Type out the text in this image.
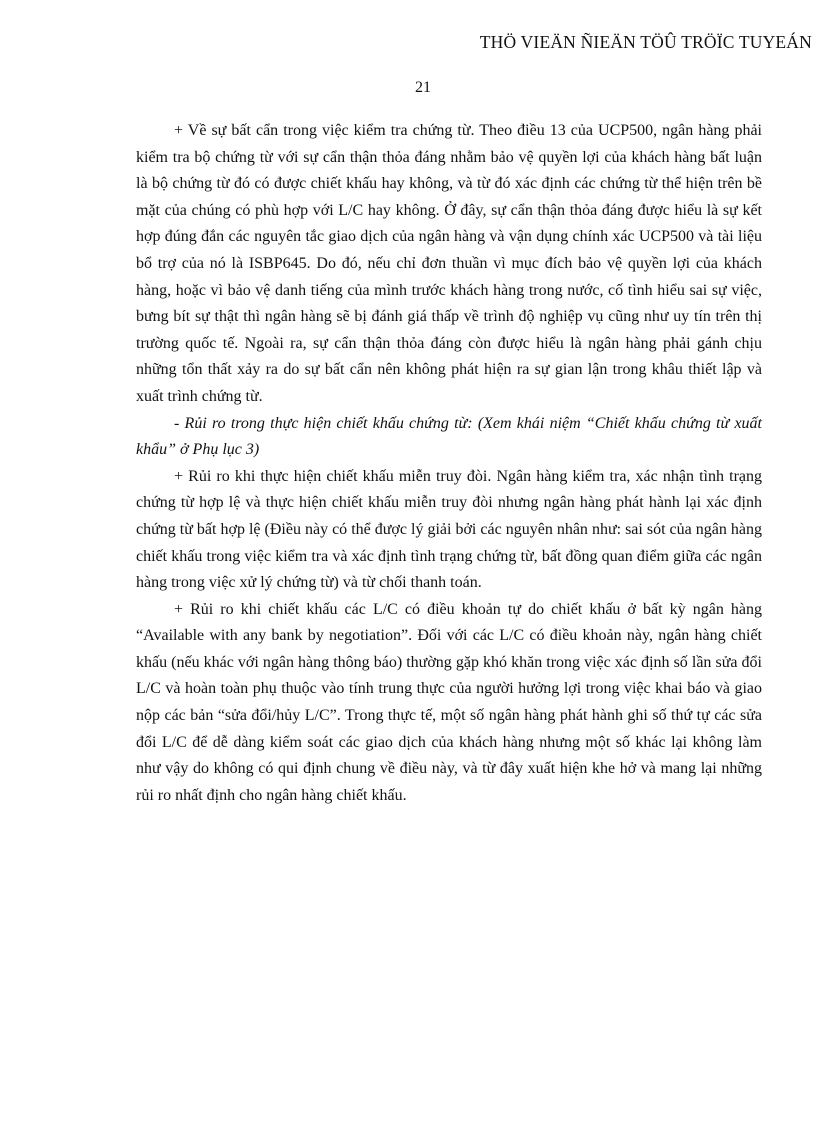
THÖ VIEÄN ÑIEÄN TÖÛ TRÖÏC TUYEÁN
21

+ Về sự bất cẩn trong việc kiểm tra chứng từ. Theo điều 13 của UCP500, ngân hàng phải kiểm tra bộ chứng từ với sự cẩn thận thỏa đáng nhằm bảo vệ quyền lợi của khách hàng bất luận là bộ chứng từ đó có được chiết khấu hay không, và từ đó xác định các chứng từ thể hiện trên bề mặt của chúng có phù hợp với L/C hay không. Ở đây, sự cẩn thận thỏa đáng được hiểu là sự kết hợp đúng đắn các nguyên tắc giao dịch của ngân hàng và vận dụng chính xác UCP500 và tài liệu bổ trợ của nó là ISBP645. Do đó, nếu chỉ đơn thuần vì mục đích bảo vệ quyền lợi của khách hàng, hoặc vì bảo vệ danh tiếng của mình trước khách hàng trong nước, cố tình hiểu sai sự việc, bưng bít sự thật thì ngân hàng sẽ bị đánh giá thấp về trình độ nghiệp vụ cũng như uy tín trên thị trường quốc tế. Ngoài ra, sự cẩn thận thỏa đáng còn được hiểu là ngân hàng phải gánh chịu những tổn thất xảy ra do sự bất cẩn nên không phát hiện ra sự gian lận trong khâu thiết lập và xuất trình chứng từ.

- Rủi ro trong thực hiện chiết khấu chứng từ: (Xem khái niệm “Chiết khấu chứng từ xuất khẩu” ở Phụ lục 3)

+ Rủi ro khi thực hiện chiết khấu miễn truy đòi. Ngân hàng kiểm tra, xác nhận tình trạng chứng từ hợp lệ và thực hiện chiết khấu miễn truy đòi nhưng ngân hàng phát hành lại xác định chứng từ bất hợp lệ (Điều này có thể được lý giải bởi các nguyên nhân như: sai sót của ngân hàng chiết khấu trong việc kiểm tra và xác định tình trạng chứng từ, bất đồng quan điểm giữa các ngân hàng trong việc xử lý chứng từ) và từ chối thanh toán.

+ Rủi ro khi chiết khấu các L/C có điều khoản tự do chiết khấu ở bất kỳ ngân hàng “Available with any bank by negotiation”. Đối với các L/C có điều khoản này, ngân hàng chiết khấu (nếu khác với ngân hàng thông báo) thường gặp khó khăn trong việc xác định số lần sửa đổi L/C và hoàn toàn phụ thuộc vào tính trung thực của người hưởng lợi trong việc khai báo và giao nộp các bản “sửa đổi/hủy L/C”. Trong thực tế, một số ngân hàng phát hành ghi số thứ tự các sửa đổi L/C để dễ dàng kiểm soát các giao dịch của khách hàng nhưng một số khác lại không làm như vậy do không có qui định chung về điều này, và từ đây xuất hiện khe hở và mang lại những rủi ro nhất định cho ngân hàng chiết khấu.
